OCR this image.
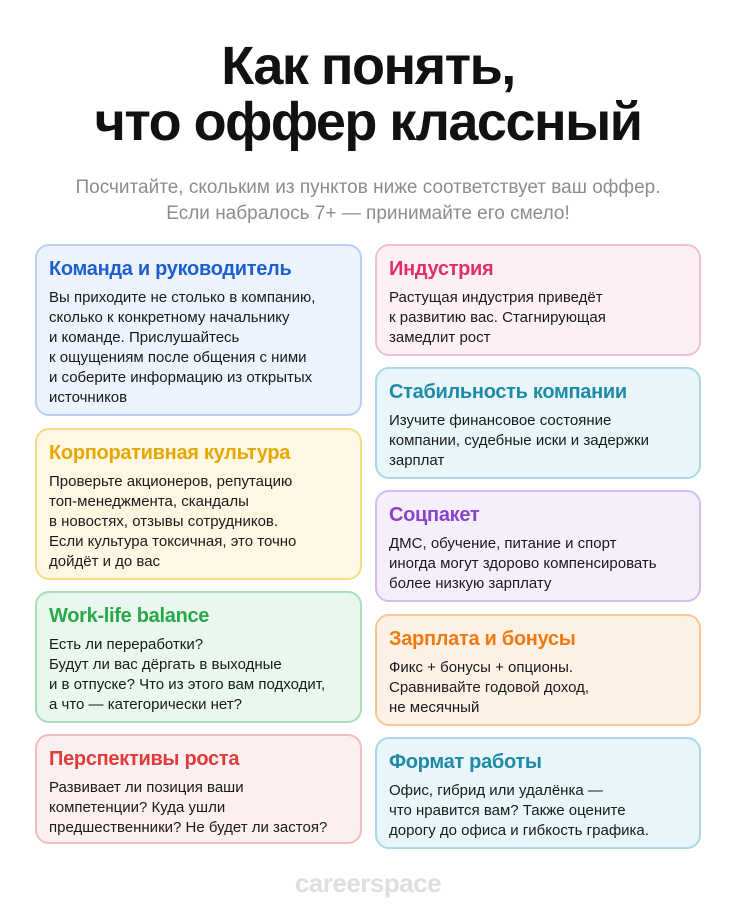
Как понять,
что оффер классный
Посчитайте, скольким из пунктов ниже соответствует ваш оффер.
Если набралось 7+ — принимайте его смело!
Команда и руководитель

Вы приходите не столько в компанию,
сколько к конкретному начальнику
и команде. Прислушайтесь
к ощущениям после общения с ними
и соберите информацию из открытых
источников

Корпоративная культура

Проверьте акционеров, репутацию
топ-менеджмента, скандалы
в новостях, отзывы сотрудников.
Если культура токсичная, это точно
дойдёт и до вас

Work-life balance

Есть ли переработки?
Будут ли вас дёргать в выходные
и в отпуске? Что из этого вам подходит,
а что — категорически нет?

Перспективы роста

Развивает ли позиция ваши
компетенции? Куда ушли
предшественники? Не будет ли застоя?

Индустрия

Растущая индустрия приведёт
к развитию вас. Стагнирующая
замедлит рост

Стабильность компании

Изучите финансовое состояние
компании, судебные иски и задержки
зарплат

Соцпакет

ДМС, обучение, питание и спорт
иногда могут здорово компенсировать
более низкую зарплату

Зарплата и бонусы

Фикс + бонусы + опционы.
Сравнивайте годовой доход,
не месячный

Формат работы

Офис, гибрид или удалёнка —
что нравится вам? Также оцените
дорогу до офиса и гибкость графика.

careerspace
